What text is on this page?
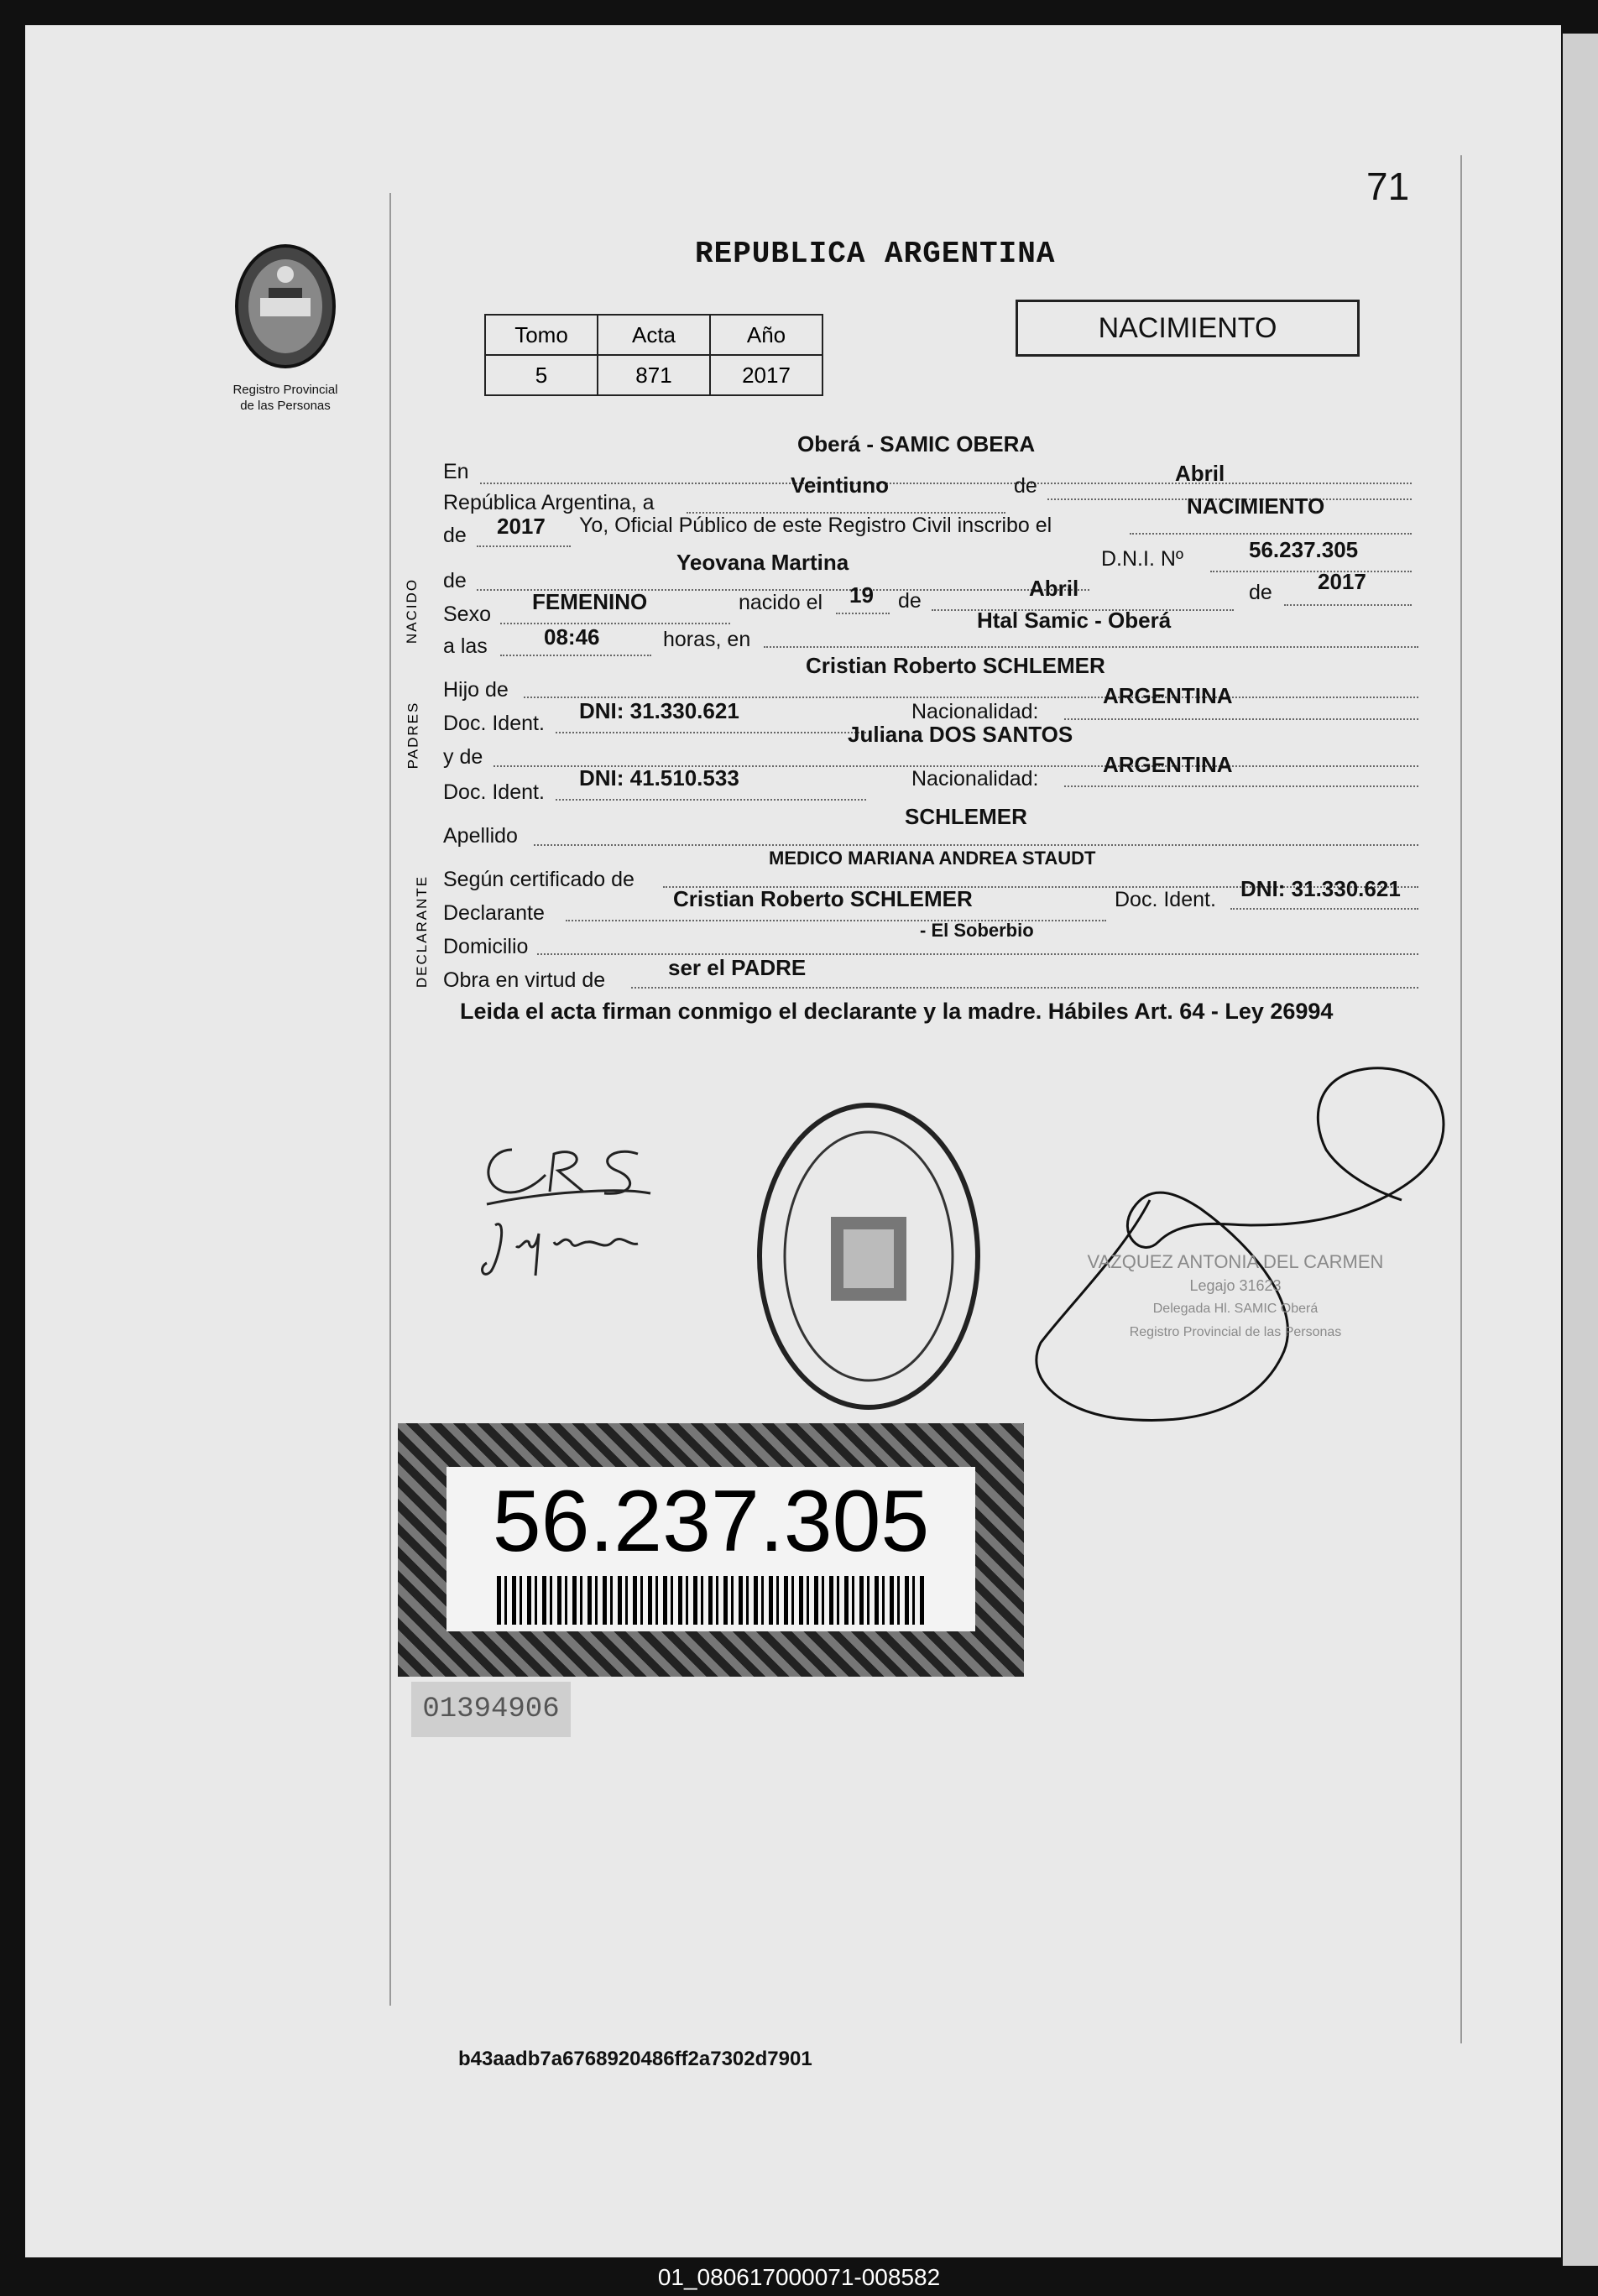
71
REPUBLICA ARGENTINA
Registro Provincial
de las Personas
Tomo	Acta	Año
5	871	2017
NACIMIENTO
NACIDO
PADRES
DECLARANTE
En
Oberá - SAMIC OBERA
República Argentina, a
Veintiuno	de	Abril
de 2017 Yo, Oficial Público de este Registro Civil inscribo el
NACIMIENTO
de
Yeovana Martina	D.N.I. Nº	56.237.305
Sexo FEMENINO	nacido el 19 de	Abril	de 2017
a las	08:46	horas, en
Htal Samic - Oberá
Hijo de
Cristian Roberto SCHLEMER
Doc. Ident. DNI: 31.330.621	Nacionalidad:
ARGENTINA
y de
Juliana DOS SANTOS
Doc. Ident.
DNI: 41.510.533	Nacionalidad:
ARGENTINA
Apellido
SCHLEMER
Según certificado de
MEDICO MARIANA ANDREA STAUDT
Declarante
Cristian Roberto SCHLEMER	Doc. Ident. DNI: 31.330.621
Domicilio
- El Soberbio
Obra en virtud de	ser el PADRE
Leida el acta firman conmigo el declarante y la madre. Hábiles Art. 64 - Ley 26994
VAZQUEZ ANTONIA DEL CARMEN
Legajo 31623
Delegada Hl. SAMIC Oberá
Registro Provincial de las Personas
56.237.305
01394906
b43aadb7a6768920486ff2a7302d7901
01_080617000071-008582
